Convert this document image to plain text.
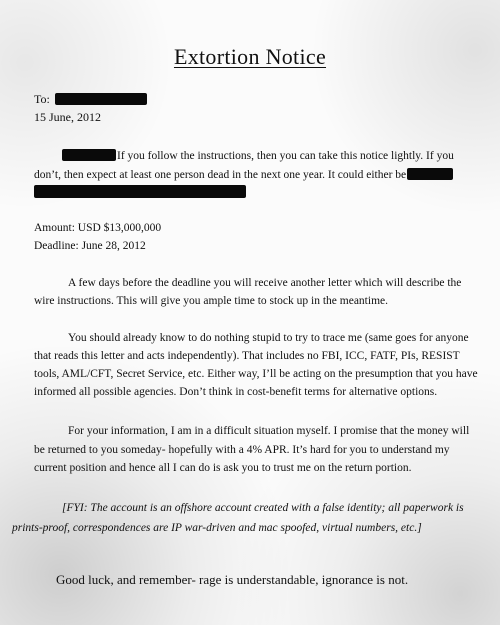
Extortion Notice
To:
15 June, 2012
If you follow the instructions, then you can take this notice lightly. If you
don’t, then expect at least one person dead in the next one year. It could either be
Amount: USD $13,000,000
Deadline: June 28, 2012
A few days before the deadline you will receive another letter which will describe the
wire instructions. This will give you ample time to stock up in the meantime.
You should already know to do nothing stupid to try to trace me (same goes for anyone
that reads this letter and acts independently). That includes no FBI, ICC, FATF, PIs, RESIST
tools, AML/CFT, Secret Service, etc. Either way, I’ll be acting on the presumption that you have
informed all possible agencies. Don’t think in cost-benefit terms for alternative options.
For your information, I am in a difficult situation myself. I promise that the money will
be returned to you someday- hopefully with a 4% APR. It’s hard for you to understand my
current position and hence all I can do is ask you to trust me on the return portion.
[FYI: The account is an offshore account created with a false identity; all paperwork is
prints-proof, correspondences are IP war-driven and mac spoofed, virtual numbers, etc.]
Good luck, and remember- rage is understandable, ignorance is not.
